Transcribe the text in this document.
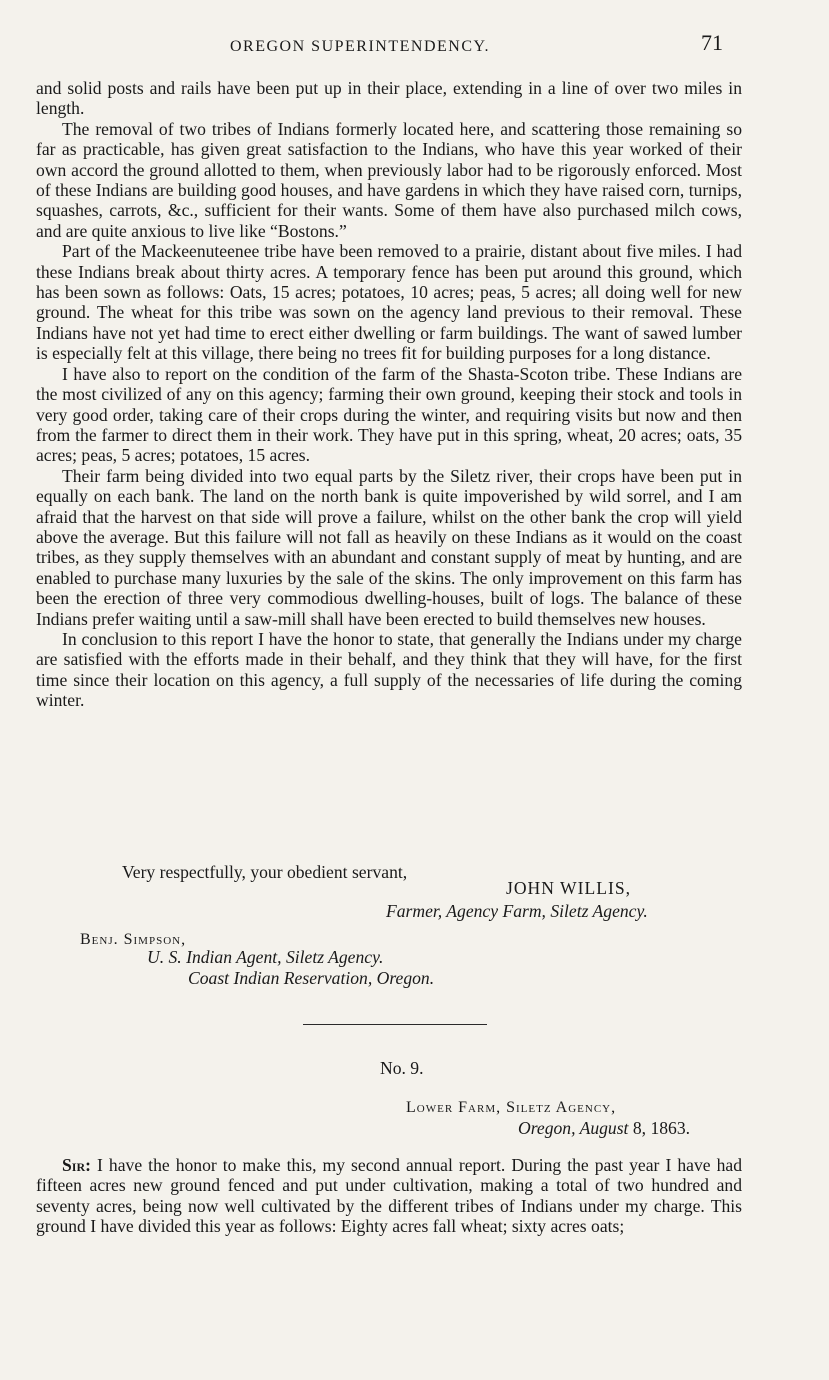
OREGON SUPERINTENDENCY.	71

and solid posts and rails have been put up in their place, extending in a line of over two miles in length.

The removal of two tribes of Indians formerly located here, and scattering those remaining so far as practicable, has given great satisfaction to the Indians, who have this year worked of their own accord the ground allotted to them, when previously labor had to be rigorously enforced. Most of these Indians are building good houses, and have gardens in which they have raised corn, turnips, squashes, carrots, &c., sufficient for their wants. Some of them have also purchased milch cows, and are quite anxious to live like “Bostons.”

Part of the Mackeenuteenee tribe have been removed to a prairie, distant about five miles. I had these Indians break about thirty acres. A temporary fence has been put around this ground, which has been sown as follows: Oats, 15 acres; potatoes, 10 acres; peas, 5 acres; all doing well for new ground. The wheat for this tribe was sown on the agency land previous to their removal. These Indians have not yet had time to erect either dwelling or farm buildings. The want of sawed lumber is especially felt at this village, there being no trees fit for building purposes for a long distance.

I have also to report on the condition of the farm of the Shasta-Scoton tribe. These Indians are the most civilized of any on this agency; farming their own ground, keeping their stock and tools in very good order, taking care of their crops during the winter, and requiring visits but now and then from the farmer to direct them in their work. They have put in this spring, wheat, 20 acres; oats, 35 acres; peas, 5 acres; potatoes, 15 acres.

Their farm being divided into two equal parts by the Siletz river, their crops have been put in equally on each bank. The land on the north bank is quite impoverished by wild sorrel, and I am afraid that the harvest on that side will prove a failure, whilst on the other bank the crop will yield above the average. But this failure will not fall as heavily on these Indians as it would on the coast tribes, as they supply themselves with an abundant and constant supply of meat by hunting, and are enabled to purchase many luxuries by the sale of the skins. The only improvement on this farm has been the erection of three very commodious dwelling-houses, built of logs. The balance of these Indians prefer waiting until a saw-mill shall have been erected to build themselves new houses.

In conclusion to this report I have the honor to state, that generally the Indians under my charge are satisfied with the efforts made in their behalf, and they think that they will have, for the first time since their location on this agency, a full supply of the necessaries of life during the coming winter.

Very respectfully, your obedient servant,
JOHN WILLIS,
Farmer, Agency Farm, Siletz Agency.
Benj. Simpson,
U. S. Indian Agent, Siletz Agency.
Coast Indian Reservation, Oregon.
No. 9.
Lower Farm, Siletz Agency,
Oregon, August 8, 1863.

Sir: I have the honor to make this, my second annual report. During the past year I have had fifteen acres new ground fenced and put under cultivation, making a total of two hundred and seventy acres, being now well cultivated by the different tribes of Indians under my charge. This ground I have divided this year as follows: Eighty acres fall wheat; sixty acres oats;
